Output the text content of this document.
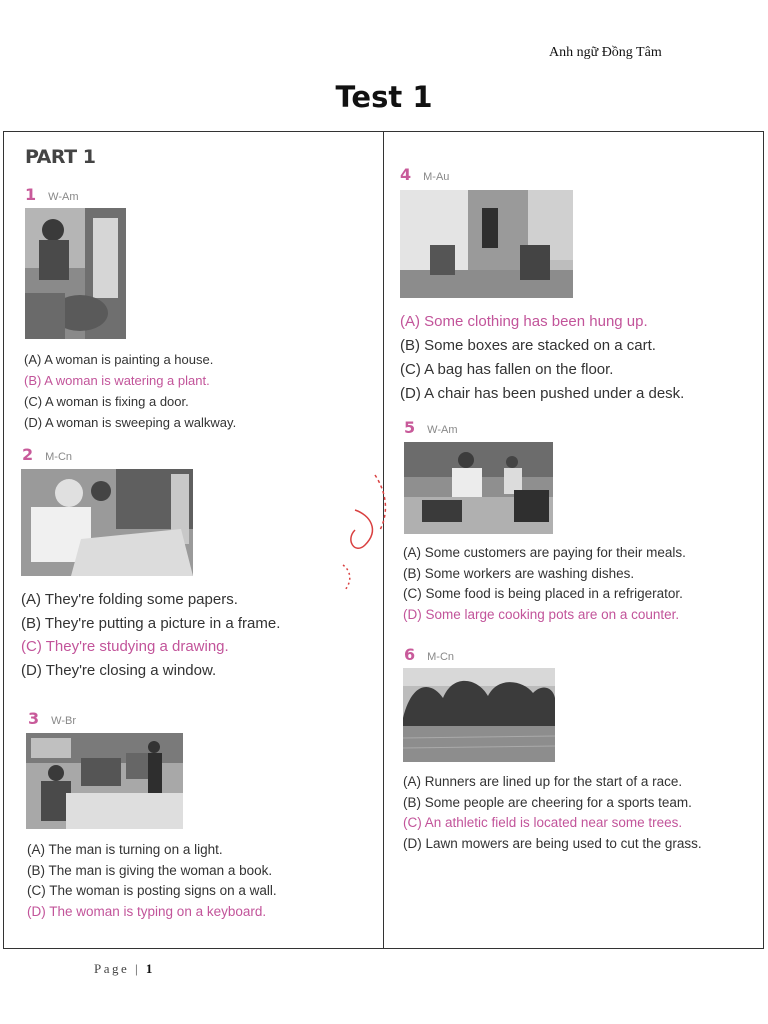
Anh ngữ Đồng Tâm
Test 1
PART 1
1 W-Am
(A) A woman is painting a house.
(B) A woman is watering a plant.
(C) A woman is fixing a door.
(D) A woman is sweeping a walkway.
2 M-Cn
(A) They're folding some papers.
(B) They're putting a picture in a frame.
(C) They're studying a drawing.
(D) They're closing a window.
3 W-Br
(A) The man is turning on a light.
(B) The man is giving the woman a book.
(C) The woman is posting signs on a wall.
(D) The woman is typing on a keyboard.
4 M-Au
(A) Some clothing has been hung up.
(B) Some boxes are stacked on a cart.
(C) A bag has fallen on the floor.
(D) A chair has been pushed under a desk.
5 W-Am
(A) Some customers are paying for their meals.
(B) Some workers are washing dishes.
(C) Some food is being placed in a refrigerator.
(D) Some large cooking pots are on a counter.
6 M-Cn
(A) Runners are lined up for the start of a race.
(B) Some people are cheering for a sports team.
(C) An athletic field is located near some trees.
(D) Lawn mowers are being used to cut the grass.
Page | 1
